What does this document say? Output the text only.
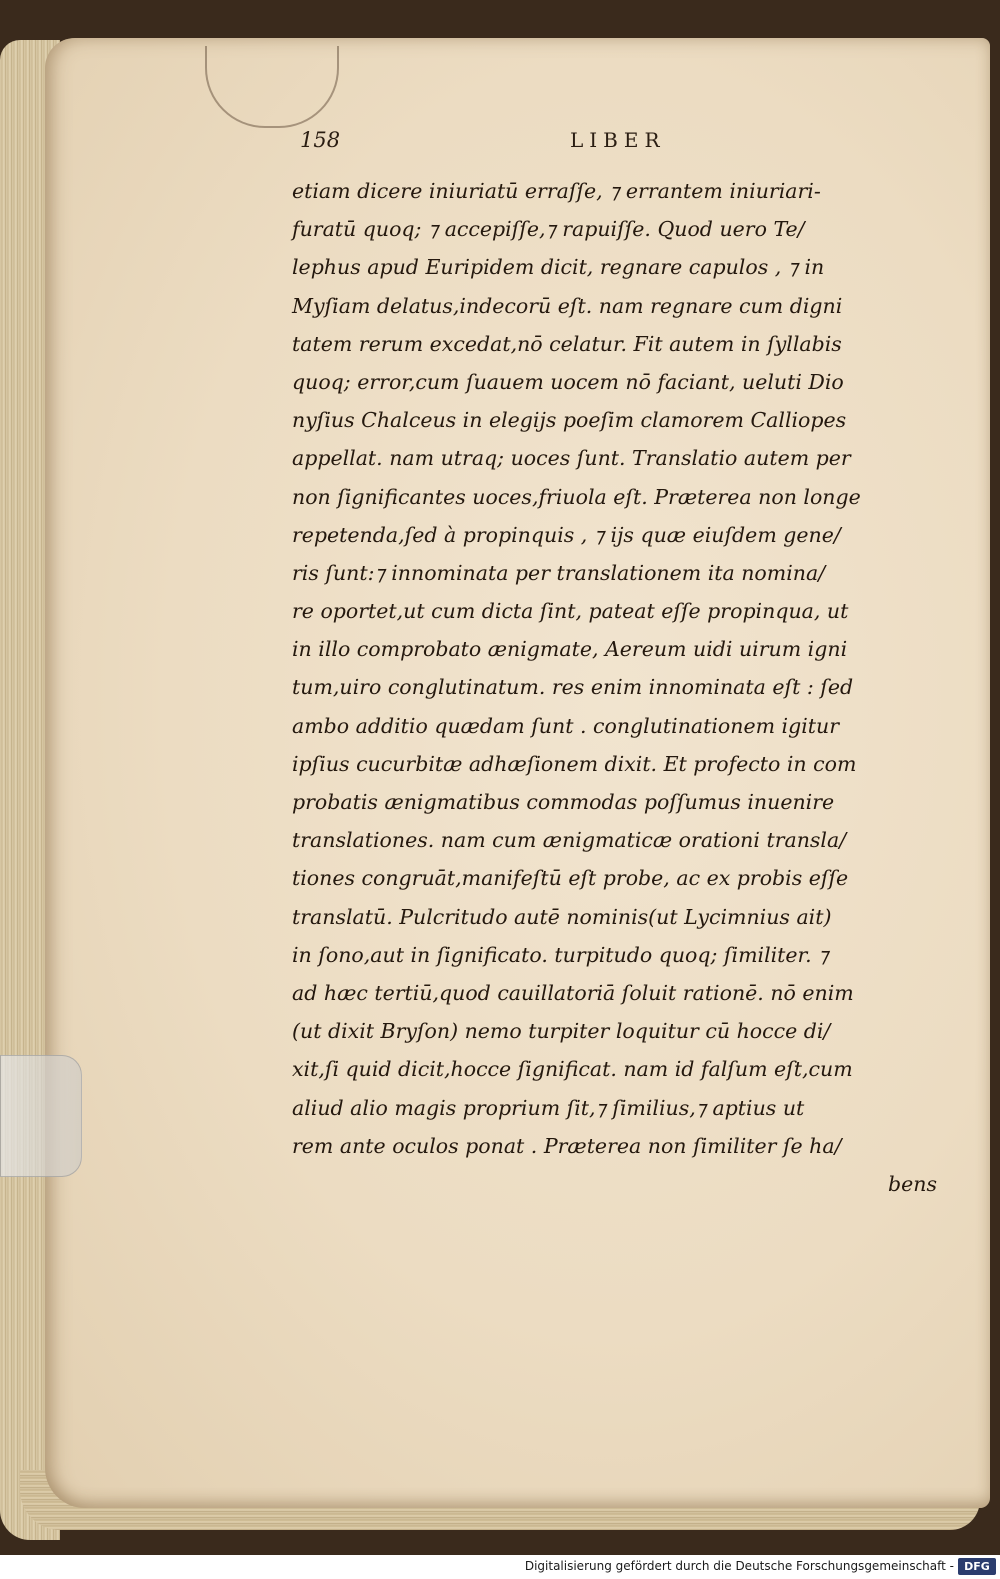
158	LIBER
etiam dicere iniuriatū erraſſe, ⁊ errantem iniuriari-
furatū quoq; ⁊ accepiſſe,⁊ rapuiſſe. Quod uero Te/
lephus apud Euripidem dicit, regnare capulos , ⁊ in
Myſiam delatus,indecorū eſt. nam regnare cum digni
tatem rerum excedat,nō celatur. Fit autem in ſyllabis
quoq; error,cum ſuauem uocem nō faciant, ueluti Dio
nyſius Chalceus in elegijs poeſim clamorem Calliopes
appellat. nam utraq; uoces ſunt. Translatio autem per
non ſignificantes uoces,friuola eſt. Præterea non longe
repetenda,ſed à propinquis , ⁊ ijs quæ eiuſdem gene/
ris ſunt:⁊ innominata per translationem ita nomina/
re oportet,ut cum dicta ſint, pateat eſſe propinqua, ut
in illo comprobato ænigmate, Aereum uidi uirum igni
tum,uiro conglutinatum. res enim innominata eſt : ſed
ambo additio quædam ſunt . conglutinationem igitur
ipſius cucurbitæ adhæſionem dixit. Et profecto in com
probatis ænigmatibus commodas poſſumus inuenire
translationes. nam cum ænigmaticæ orationi transla/
tiones congruāt,manifeſtū eſt probe, ac ex probis eſſe
translatū. Pulcritudo autē nominis(ut Lycimnius ait)
in ſono,aut in ſignificato. turpitudo quoq; ſimiliter. ⁊
ad hæc tertiū,quod cauillatoriā ſoluit rationē. nō enim
(ut dixit Bryſon) nemo turpiter loquitur cū hocce di/
xit,ſi quid dicit,hocce ſignificat. nam id falſum eſt,cum
aliud alio magis proprium ſit,⁊ ſimilius,⁊ aptius ut
rem ante oculos ponat . Præterea non ſimiliter ſe ha/
bens
Digitalisierung gefördert durch die Deutsche Forschungsgemeinschaft - DFG
